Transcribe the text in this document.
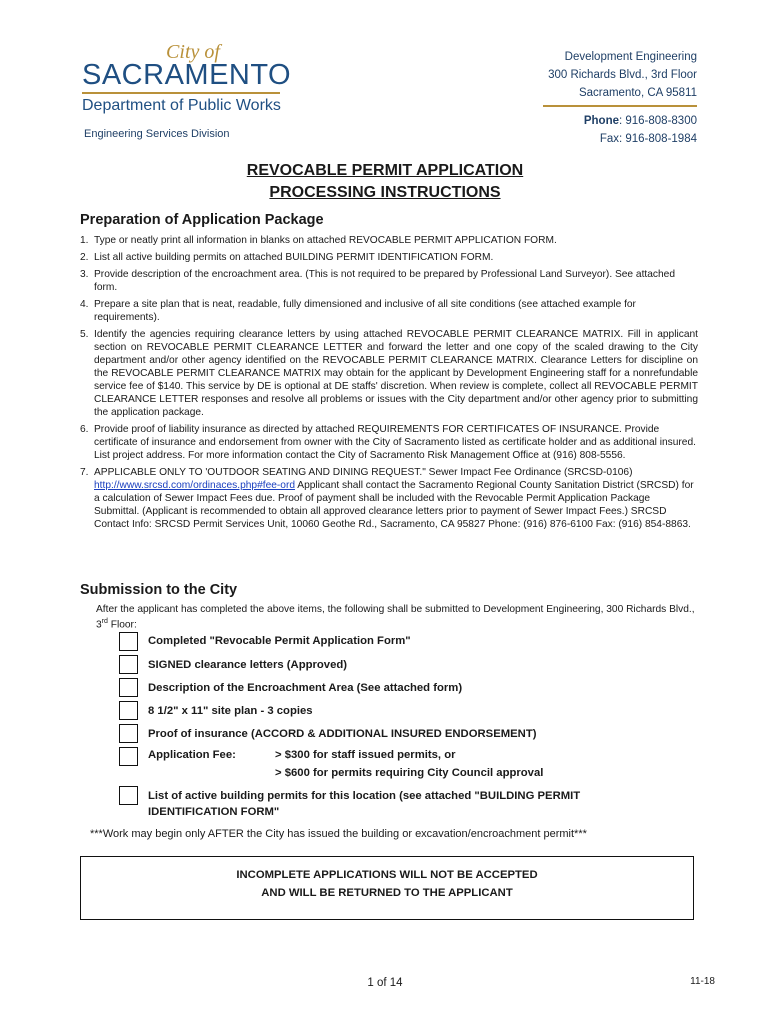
City of
SACRAMENTO
Department of Public Works
Engineering Services Division
Development Engineering
300 Richards Blvd., 3rd Floor
Sacramento, CA 95811
Phone: 916-808-8300
Fax: 916-808-1984
REVOCABLE PERMIT APPLICATION
PROCESSING INSTRUCTIONS
Preparation of Application Package
1. Type or neatly print all information in blanks on attached REVOCABLE PERMIT APPLICATION FORM.
2. List all active building permits on attached BUILDING PERMIT IDENTIFICATION FORM.
3. Provide description of the encroachment area. (This is not required to be prepared by Professional Land Surveyor). See attached form.
4. Prepare a site plan that is neat, readable, fully dimensioned and inclusive of all site conditions (see attached example for requirements).
5. Identify the agencies requiring clearance letters by using attached REVOCABLE PERMIT CLEARANCE MATRIX. Fill in applicant section on REVOCABLE PERMIT CLEARANCE LETTER and forward the letter and one copy of the scaled drawing to the City department and/or other agency identified on the REVOCABLE PERMIT CLEARANCE MATRIX. Clearance Letters for discipline on the REVOCABLE PERMIT CLEARANCE MATRIX may obtain for the applicant by Development Engineering staff for a nonrefundable service fee of $140. This service by DE is optional at DE staffs' discretion. When review is complete, collect all REVOCABLE PERMIT CLEARANCE LETTER responses and resolve all problems or issues with the City department and/or other agency prior to submitting the application package.
6. Provide proof of liability insurance as directed by attached REQUIREMENTS FOR CERTIFICATES OF INSURANCE. Provide certificate of insurance and endorsement from owner with the City of Sacramento listed as certificate holder and as additional insured. List project address. For more information contact the City of Sacramento Risk Management Office at (916) 808-5556.
7. APPLICABLE ONLY TO 'OUTDOOR SEATING AND DINING REQUEST." Sewer Impact Fee Ordinance (SRCSD-0106) http://www.srcsd.com/ordinaces.php#fee-ord Applicant shall contact the Sacramento Regional County Sanitation District (SRCSD) for a calculation of Sewer Impact Fees due. Proof of payment shall be included with the Revocable Permit Application Package Submittal. (Applicant is recommended to obtain all approved clearance letters prior to payment of Sewer Impact Fees.) SRCSD Contact Info: SRCSD Permit Services Unit, 10060 Geothe Rd., Sacramento, CA 95827 Phone: (916) 876-6100 Fax: (916) 854-8863.
Submission to the City
After the applicant has completed the above items, the following shall be submitted to Development Engineering, 300 Richards Blvd., 3rd Floor:
Completed "Revocable Permit Application Form"
SIGNED clearance letters (Approved)
Description of the Encroachment Area (See attached form)
8 1/2" x 11" site plan - 3 copies
Proof of insurance (ACCORD & ADDITIONAL INSURED ENDORSEMENT)
Application Fee:	> $300 for staff issued permits, or
> $600 for permits requiring City Council approval
List of active building permits for this location (see attached "BUILDING PERMIT IDENTIFICATION FORM"
***Work may begin only AFTER the City has issued the building or excavation/encroachment permit***
INCOMPLETE APPLICATIONS WILL NOT BE ACCEPTED
AND WILL BE RETURNED TO THE APPLICANT
1 of 14	11-18
